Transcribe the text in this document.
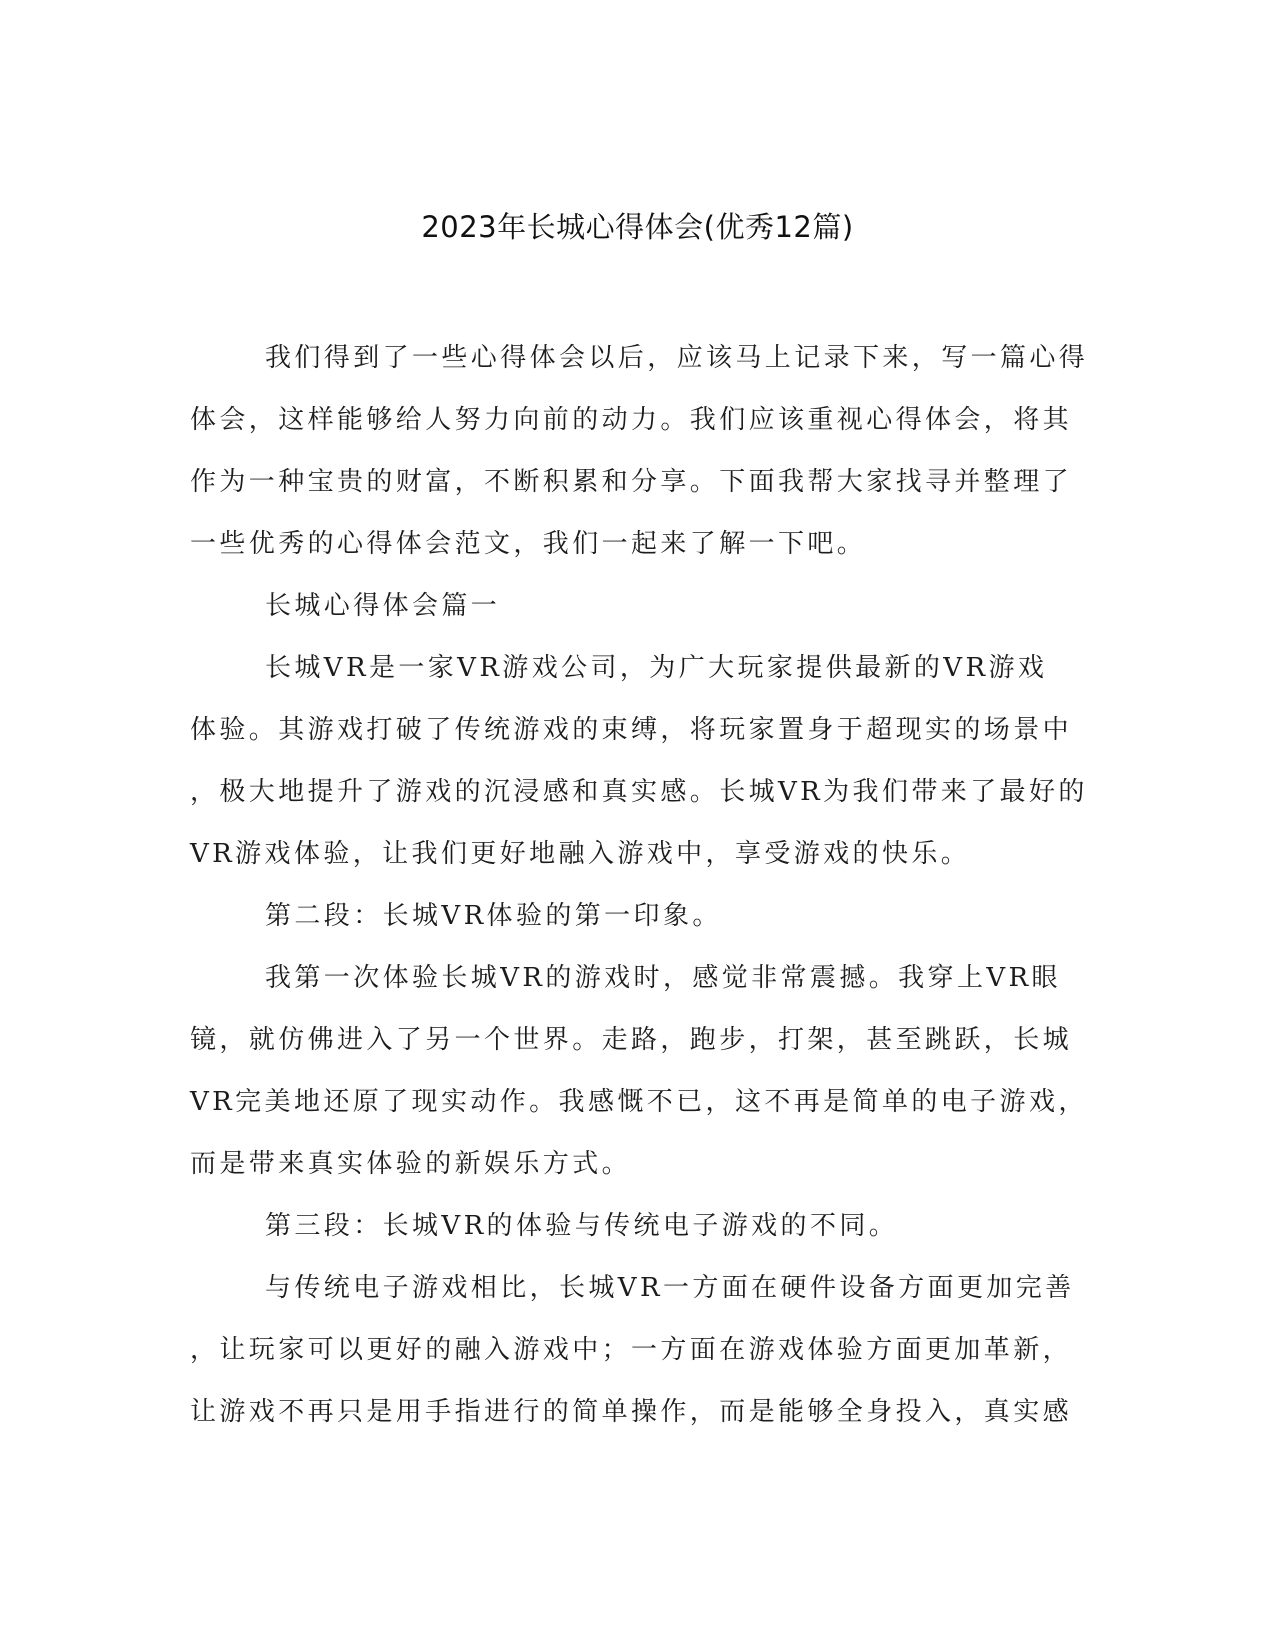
2023年长城心得体会(优秀12篇)
我们得到了一些心得体会以后，应该马上记录下来，写一篇心得
体会，这样能够给人努力向前的动力。我们应该重视心得体会，将其
作为一种宝贵的财富，不断积累和分享。下面我帮大家找寻并整理了
一些优秀的心得体会范文，我们一起来了解一下吧。
长城心得体会篇一
长城VR是一家VR游戏公司，为广大玩家提供最新的VR游戏
体验。其游戏打破了传统游戏的束缚，将玩家置身于超现实的场景中
，极大地提升了游戏的沉浸感和真实感。长城VR为我们带来了最好的
VR游戏体验，让我们更好地融入游戏中，享受游戏的快乐。
第二段：长城VR体验的第一印象。
我第一次体验长城VR的游戏时，感觉非常震撼。我穿上VR眼
镜，就仿佛进入了另一个世界。走路，跑步，打架，甚至跳跃，长城
VR完美地还原了现实动作。我感慨不已，这不再是简单的电子游戏，
而是带来真实体验的新娱乐方式。
第三段：长城VR的体验与传统电子游戏的不同。
与传统电子游戏相比，长城VR一方面在硬件设备方面更加完善
，让玩家可以更好的融入游戏中；一方面在游戏体验方面更加革新，
让游戏不再只是用手指进行的简单操作，而是能够全身投入，真实感
